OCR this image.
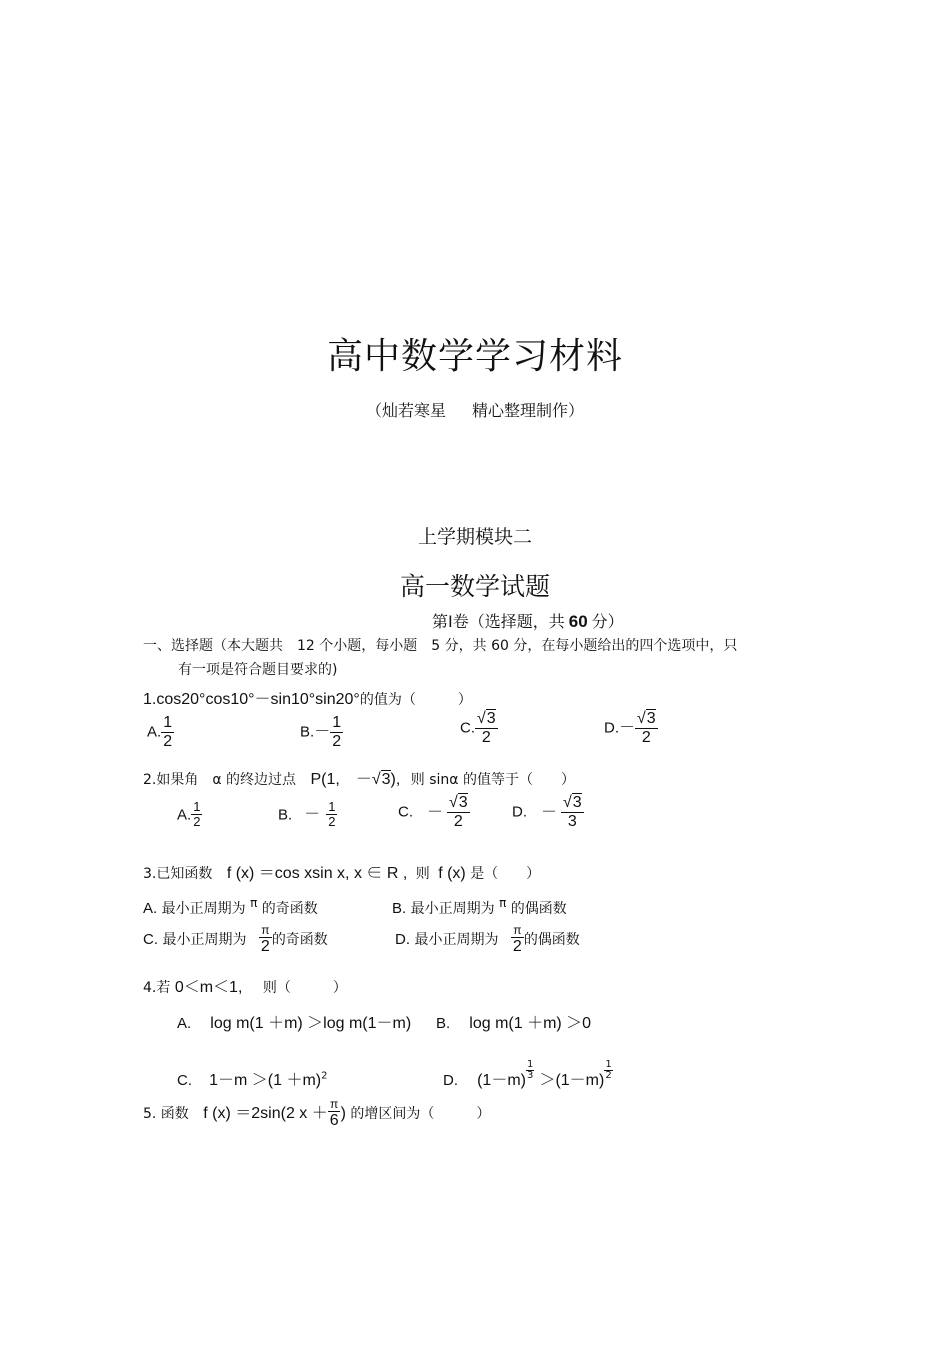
高中数学学习材料
（灿若寒星 精心整理制作）
上学期模块二
高一数学试题
第Ⅰ卷（选择题，共 60 分）
一、选择题（本大题共　12 个小题，每小题　5 分，共 60 分，在每小题给出的四个选项中，只
有一项是符合题目要求的)
1.cos20°cos10°－sin10°sin20°的值为（　　　）
A. $\frac{1}{2}$	$B.- \frac{1}{2}$	C. $\frac{√3}{2}$	$D.- \frac{√3}{2}$
2.如果角　α 的终边过点 P(1,　－√3), 则 sinα 的值等于（　　）
A. $\frac{1}{2}$	B. － $\frac{1}{2}$	C. － $\frac{√3}{2}$	D. － $\frac{√3}{3}$
3.已知函数 f (x) ＝cos xsin x, x ∈ R , 则 f (x) 是（　　）
A. 最小正周期为 π 的奇函数	B. 最小正周期为 π 的偶函数
C. 最小正周期为 $\frac{\pi}{2}$ 的奇函数	D. 最小正周期为 $\frac{\pi}{2}$ 的偶函数
4.若 0＜m＜1, 则（　　　）
A. log m(1 ＋m) ＞log m(1－m) B. log m(1 ＋m) ＞0
C. $1-m >(1 +m)^2$	D. $(1-m) \frac{1}{3} >(1-m) \frac{1}{2}$
5. 函数 f (x) ＝2sin(2 $x + \frac{\pi}{6}$ ) 的增区间为（　　　）
